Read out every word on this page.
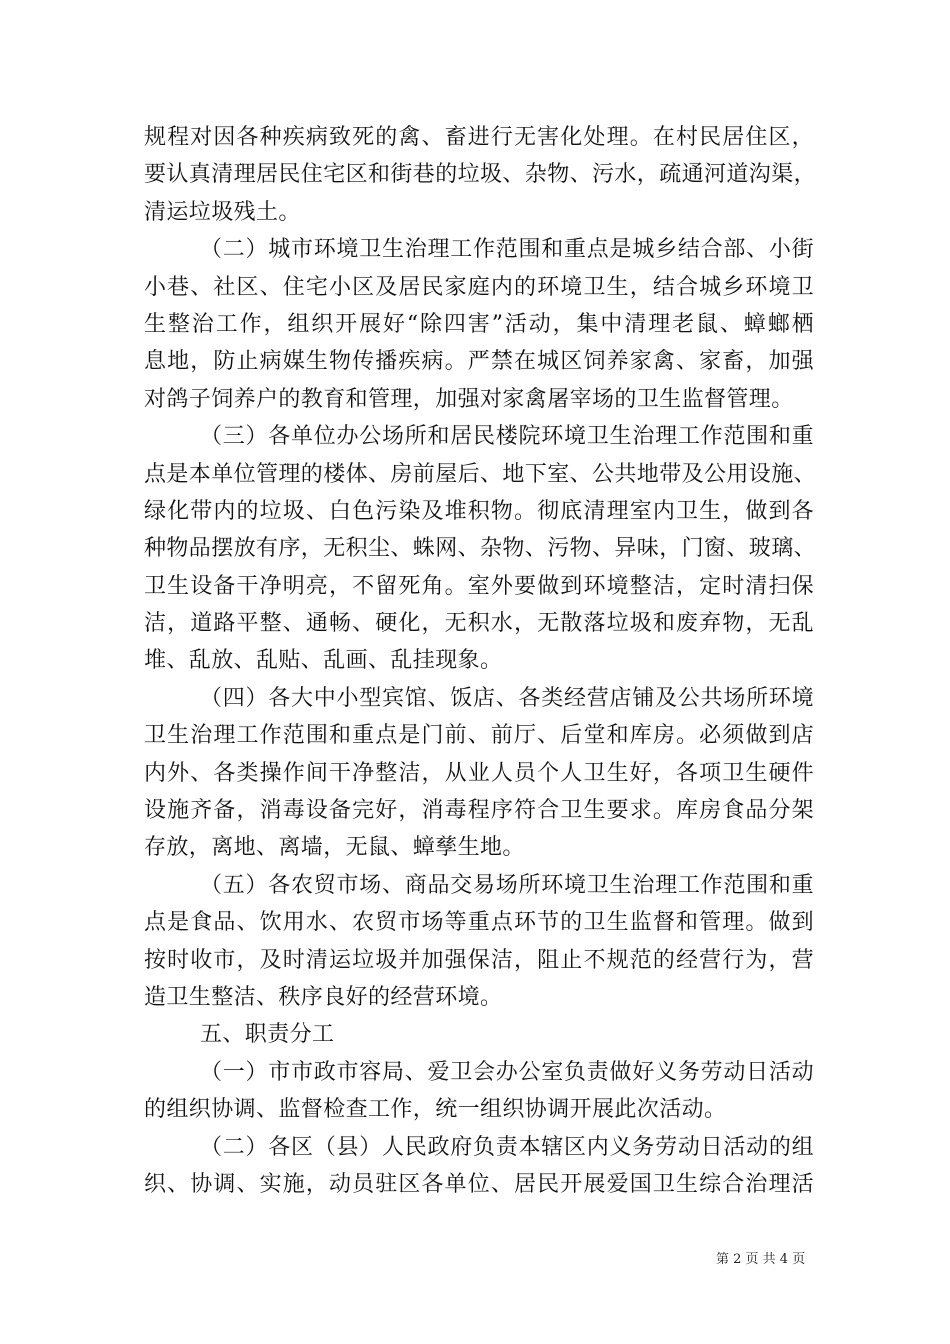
规程对因各种疾病致死的禽、畜进行无害化处理。在村民居住区，
要认真清理居民住宅区和街巷的垃圾、杂物、污水，疏通河道沟渠，
清运垃圾残土。
（二）城市环境卫生治理工作范围和重点是城乡结合部、小街
小巷、社区、住宅小区及居民家庭内的环境卫生，结合城乡环境卫
生整治工作，组织开展好“除四害”活动，集中清理老鼠、蟑螂栖
息地，防止病媒生物传播疾病。严禁在城区饲养家禽、家畜，加强
对鸽子饲养户的教育和管理，加强对家禽屠宰场的卫生监督管理。
（三）各单位办公场所和居民楼院环境卫生治理工作范围和重
点是本单位管理的楼体、房前屋后、地下室、公共地带及公用设施、
绿化带内的垃圾、白色污染及堆积物。彻底清理室内卫生，做到各
种物品摆放有序，无积尘、蛛网、杂物、污物、异味，门窗、玻璃、
卫生设备干净明亮，不留死角。室外要做到环境整洁，定时清扫保
洁，道路平整、通畅、硬化，无积水，无散落垃圾和废弃物，无乱
堆、乱放、乱贴、乱画、乱挂现象。
（四）各大中小型宾馆、饭店、各类经营店铺及公共场所环境
卫生治理工作范围和重点是门前、前厅、后堂和库房。必须做到店
内外、各类操作间干净整洁，从业人员个人卫生好，各项卫生硬件
设施齐备，消毒设备完好，消毒程序符合卫生要求。库房食品分架
存放，离地、离墙，无鼠、蟑孳生地。
（五）各农贸市场、商品交易场所环境卫生治理工作范围和重
点是食品、饮用水、农贸市场等重点环节的卫生监督和管理。做到
按时收市，及时清运垃圾并加强保洁，阻止不规范的经营行为，营
造卫生整洁、秩序良好的经营环境。
五、职责分工
（一）市市政市容局、爱卫会办公室负责做好义务劳动日活动
的组织协调、监督检查工作，统一组织协调开展此次活动。
（二）各区（县）人民政府负责本辖区内义务劳动日活动的组
织、协调、实施，动员驻区各单位、居民开展爱国卫生综合治理活
第 2 页 共 4 页
